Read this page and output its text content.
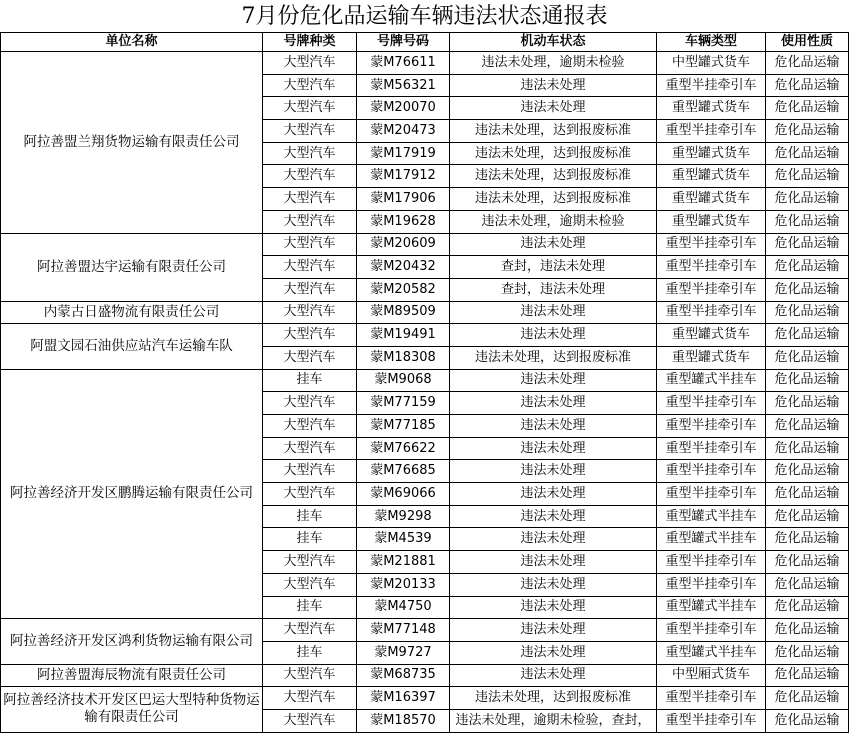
7月份危化品运输车辆违法状态通报表
单位名称	号牌种类	号牌号码	机动车状态	车辆类型	使用性质
阿拉善盟兰翔货物运输有限责任公司	大型汽车	蒙M76611	违法未处理，逾期未检验	中型罐式货车	危化品运输
	大型汽车	蒙M56321	违法未处理	重型半挂牵引车	危化品运输
	大型汽车	蒙M20070	违法未处理	重型罐式货车	危化品运输
	大型汽车	蒙M20473	违法未处理，达到报废标准	重型半挂牵引车	危化品运输
	大型汽车	蒙M17919	违法未处理，达到报废标准	重型罐式货车	危化品运输
	大型汽车	蒙M17912	违法未处理，达到报废标准	重型罐式货车	危化品运输
	大型汽车	蒙M17906	违法未处理，达到报废标准	重型罐式货车	危化品运输
	大型汽车	蒙M19628	违法未处理，逾期未检验	重型罐式货车	危化品运输
阿拉善盟达宇运输有限责任公司	大型汽车	蒙M20609	违法未处理	重型半挂牵引车	危化品运输
	大型汽车	蒙M20432	查封，违法未处理	重型半挂牵引车	危化品运输
	大型汽车	蒙M20582	查封，违法未处理	重型半挂牵引车	危化品运输
内蒙古日盛物流有限责任公司	大型汽车	蒙M89509	违法未处理	重型半挂牵引车	危化品运输
阿盟文园石油供应站汽车运输车队	大型汽车	蒙M19491	违法未处理	重型罐式货车	危化品运输
	大型汽车	蒙M18308	违法未处理，达到报废标准	重型罐式货车	危化品运输
阿拉善经济开发区鹏腾运输有限责任公司	挂车	蒙M9068	违法未处理	重型罐式半挂车	危化品运输
	大型汽车	蒙M77159	违法未处理	重型半挂牵引车	危化品运输
	大型汽车	蒙M77185	违法未处理	重型半挂牵引车	危化品运输
	大型汽车	蒙M76622	违法未处理	重型半挂牵引车	危化品运输
	大型汽车	蒙M76685	违法未处理	重型半挂牵引车	危化品运输
	大型汽车	蒙M69066	违法未处理	重型半挂牵引车	危化品运输
	挂车	蒙M9298	违法未处理	重型罐式半挂车	危化品运输
	挂车	蒙M4539	违法未处理	重型罐式半挂车	危化品运输
	大型汽车	蒙M21881	违法未处理	重型半挂牵引车	危化品运输
	大型汽车	蒙M20133	违法未处理	重型半挂牵引车	危化品运输
	挂车	蒙M4750	违法未处理	重型罐式半挂车	危化品运输
阿拉善经济开发区鸿利货物运输有限公司	大型汽车	蒙M77148	违法未处理	重型半挂牵引车	危化品运输
	挂车	蒙M9727	违法未处理	重型罐式半挂车	危化品运输
阿拉善盟海辰物流有限责任公司	大型汽车	蒙M68735	违法未处理	中型厢式货车	危化品运输
阿拉善经济技术开发区巴运大型特种货物运输有限责任公司	大型汽车	蒙M16397	违法未处理，达到报废标准	重型半挂牵引车	危化品运输
	大型汽车	蒙M18570	违法未处理，逾期未检验，查封，	重型半挂牵引车	危化品运输
